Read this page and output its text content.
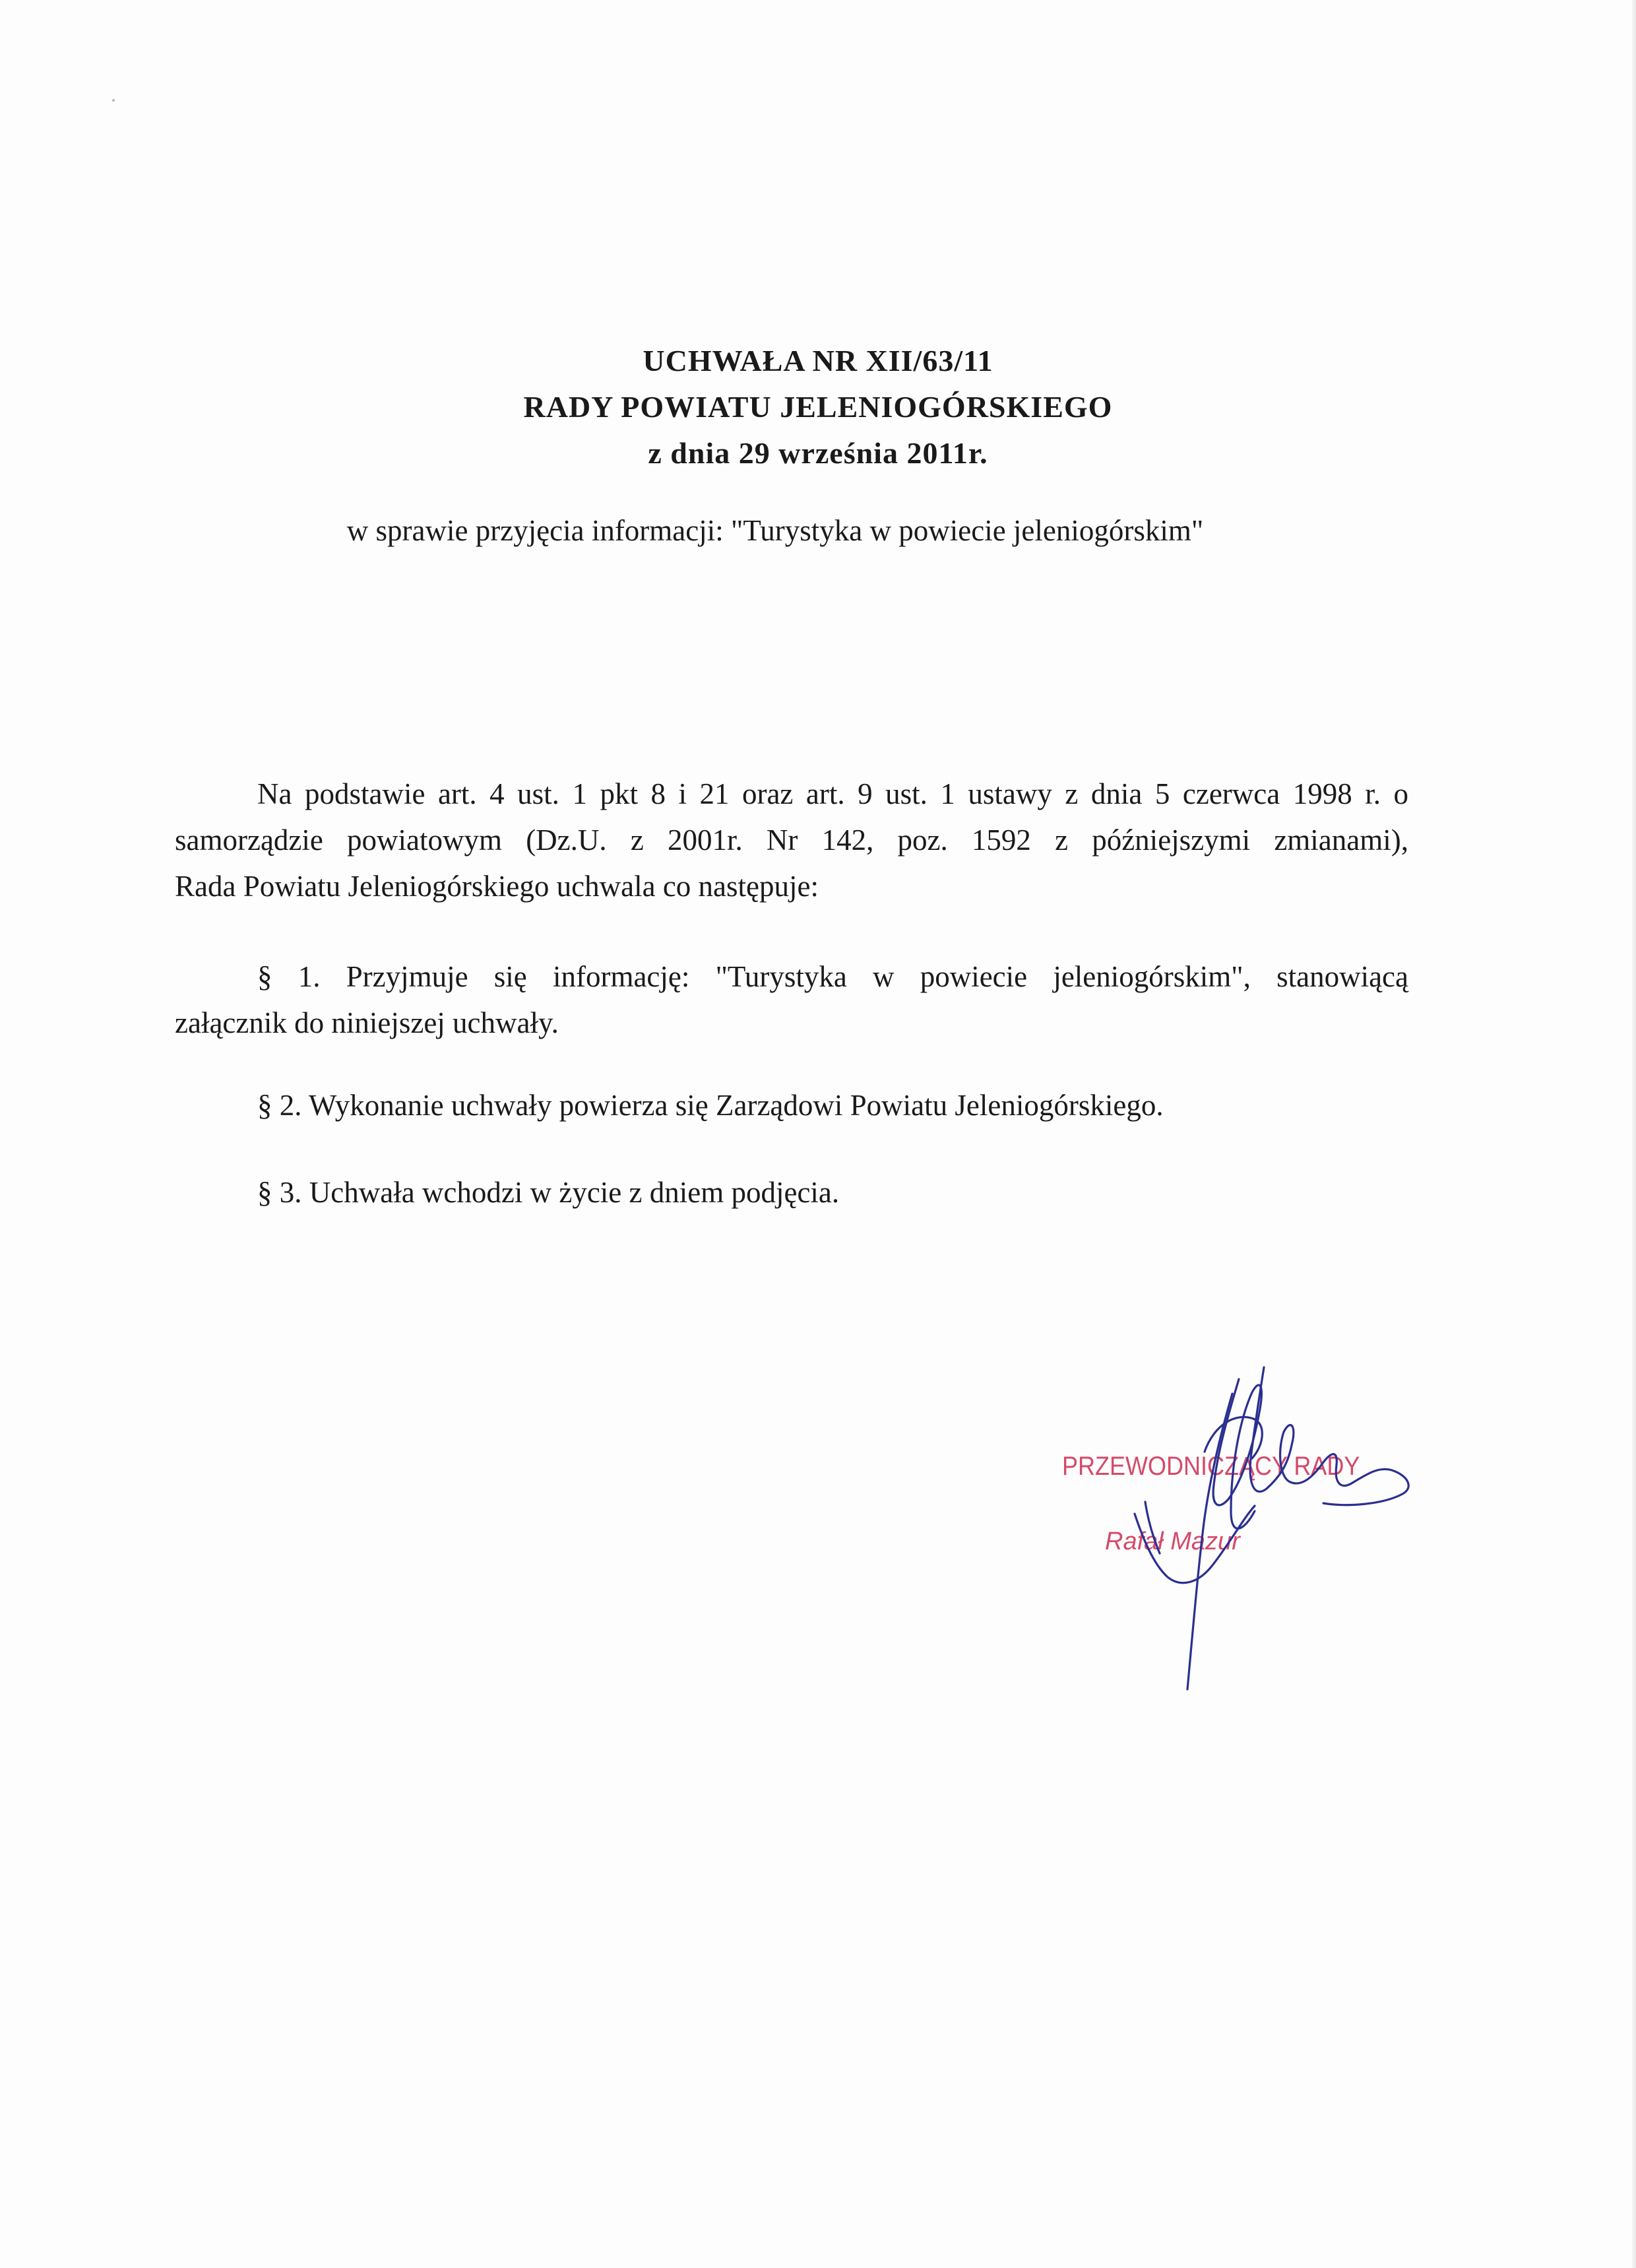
UCHWAŁA NR XII/63/11
RADY POWIATU JELENIOGÓRSKIEGO
z dnia 29 września 2011r.
w sprawie przyjęcia informacji: "Turystyka w powiecie jeleniogórskim"
Na podstawie art. 4 ust. 1 pkt 8 i 21 oraz art. 9 ust. 1 ustawy z dnia 5 czerwca 1998 r. o
samorządzie powiatowym (Dz.U. z 2001r. Nr 142, poz. 1592 z późniejszymi zmianami),
Rada Powiatu Jeleniogórskiego uchwala co następuje:
§ 1. Przyjmuje się informację: "Turystyka w powiecie jeleniogórskim", stanowiącą
załącznik do niniejszej uchwały.
§ 2. Wykonanie uchwały powierza się Zarządowi Powiatu Jeleniogórskiego.
§ 3. Uchwała wchodzi w życie z dniem podjęcia.
PRZEWODNICZĄCY RADY
Rafał Mazur
